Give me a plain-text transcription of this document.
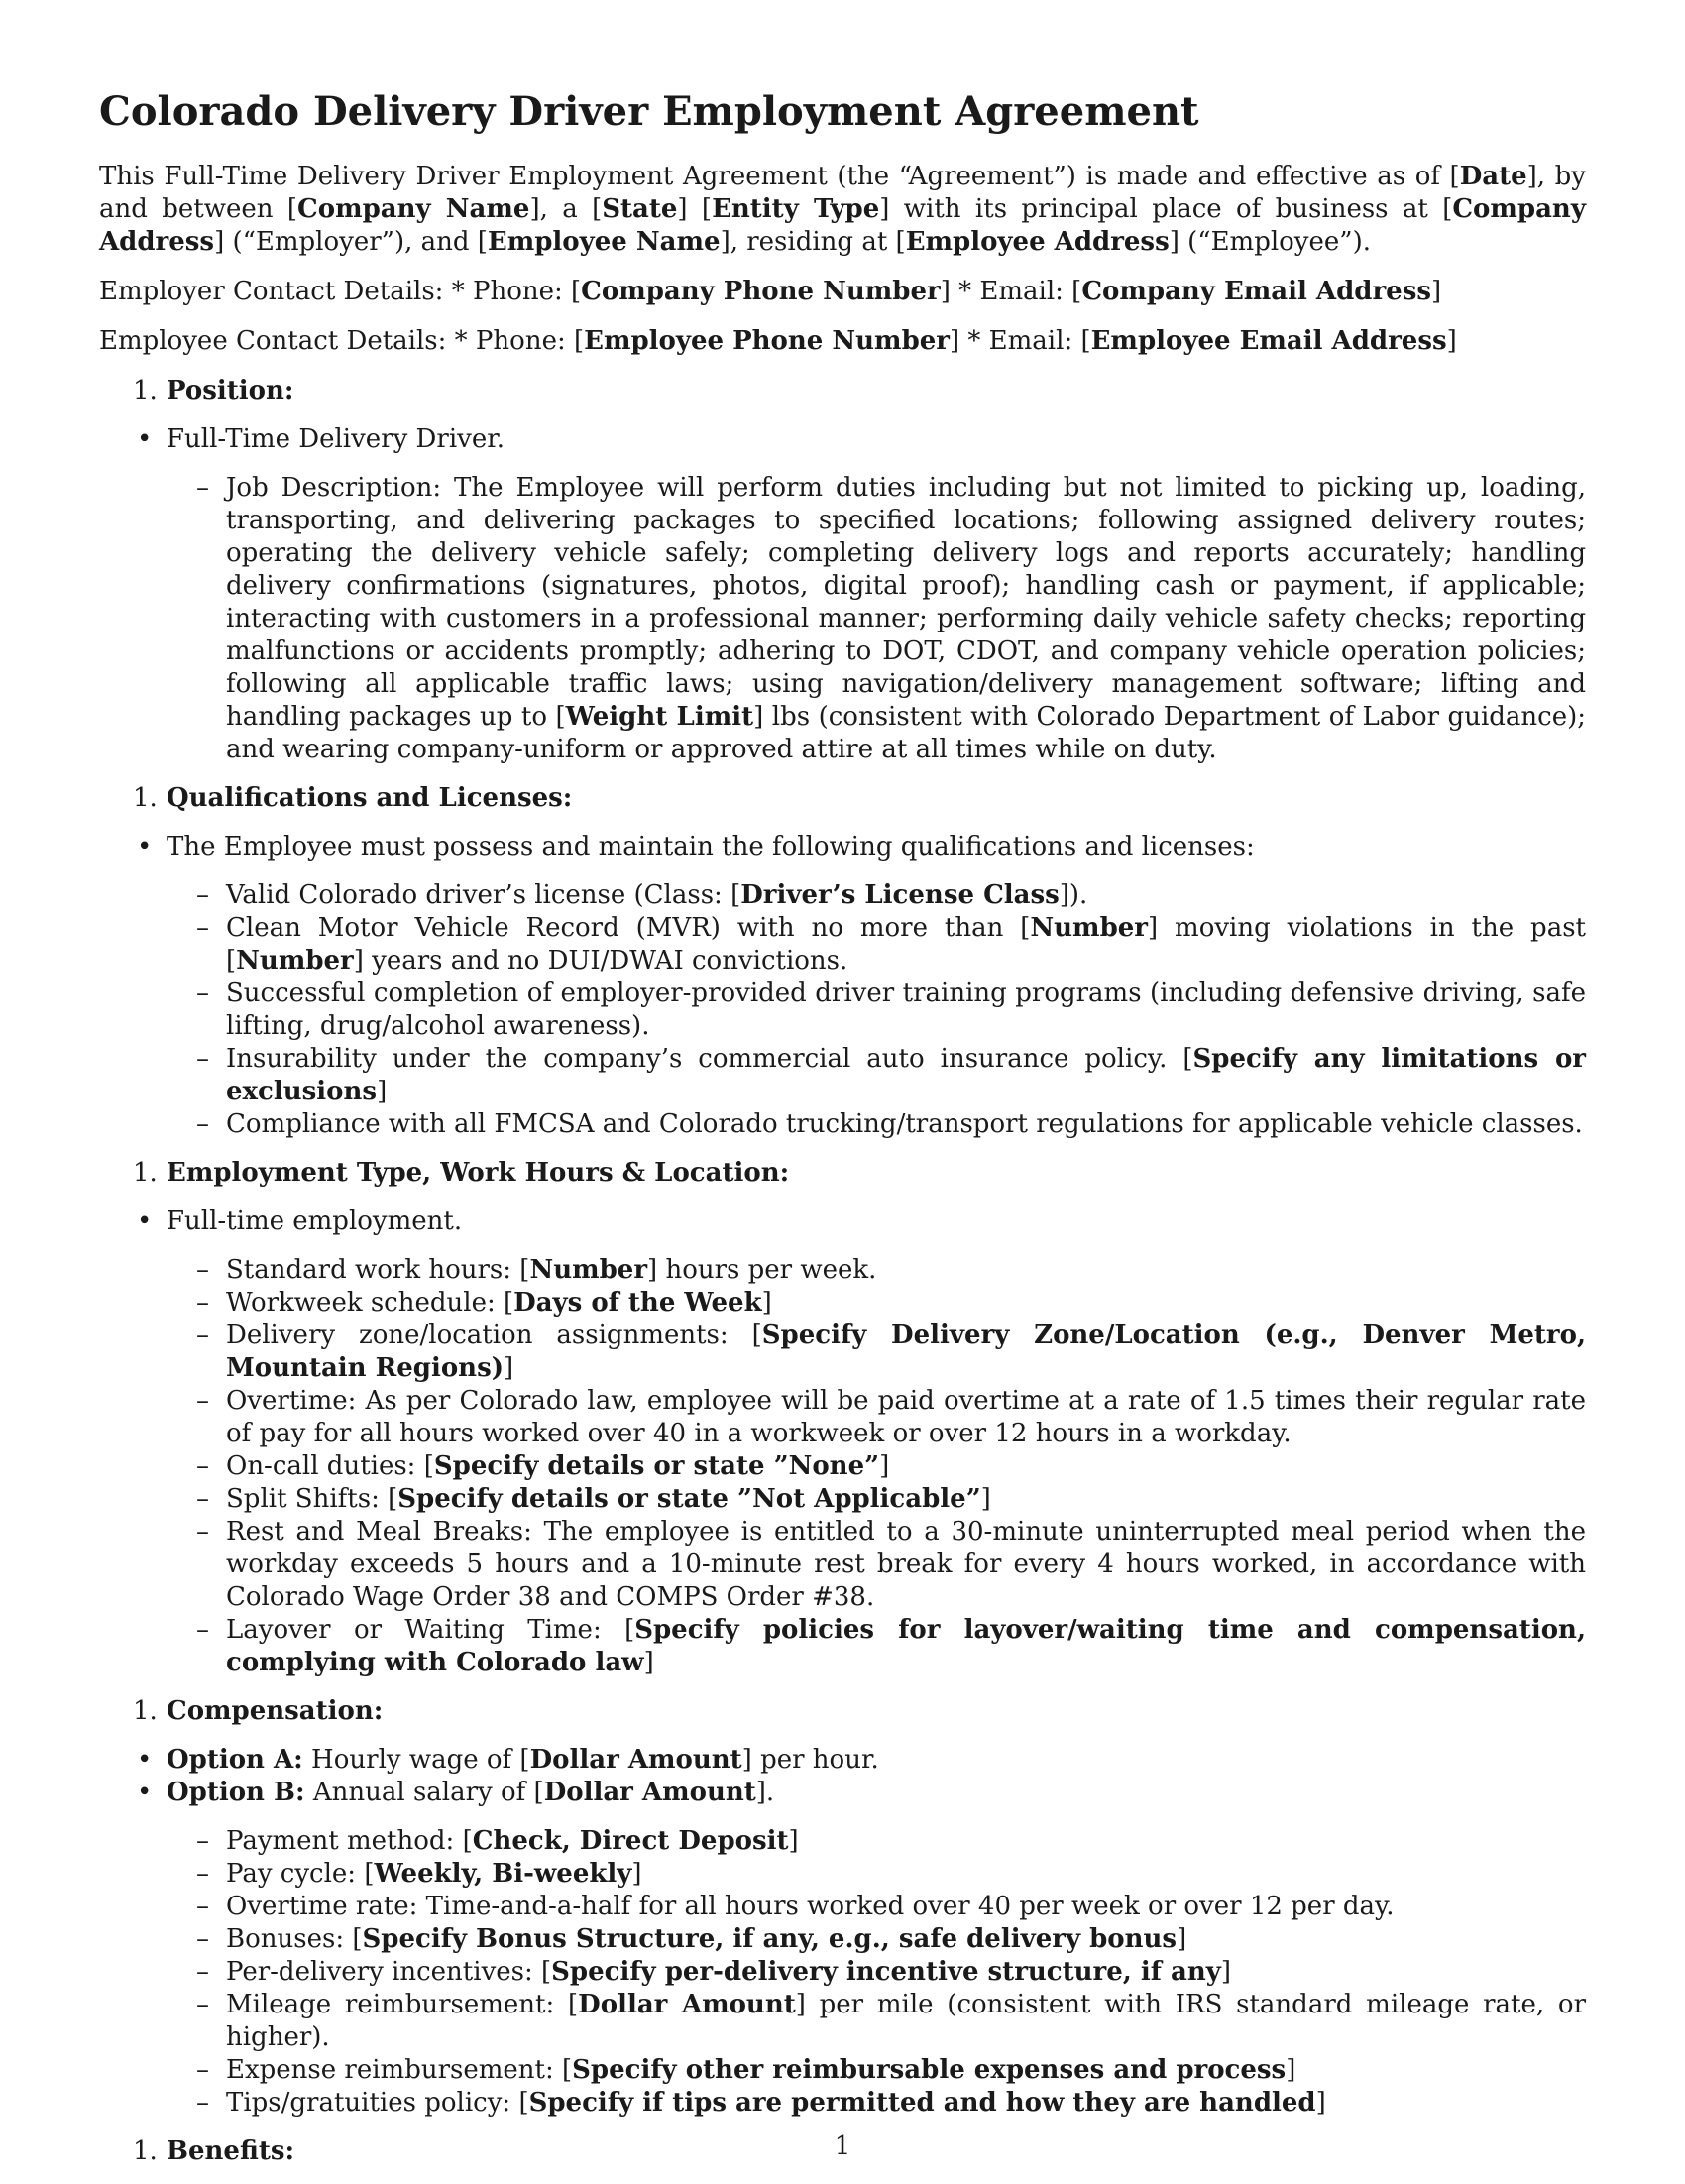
Colorado Delivery Driver Employment Agreement

This Full-Time Delivery Driver Employment Agreement (the “Agreement”) is made and effective as of [Date], by and between [Company Name], a [State] [Entity Type] with its principal place of business at [Company Address] (“Employer”), and [Employee Name], residing at [Employee Address] (“Employee”).

Employer Contact Details: * Phone: [Company Phone Number] * Email: [Company Email Address]

Employee Contact Details: * Phone: [Employee Phone Number] * Email: [Employee Email Address]

1. Position:
• Full-Time Delivery Driver.
– Job Description: The Employee will perform duties including but not limited to picking up, loading, transporting, and delivering packages to specified locations; following assigned delivery routes; operating the delivery vehicle safely; completing delivery logs and reports accurately; handling delivery confirmations (signatures, photos, digital proof); handling cash or payment, if applicable; interacting with customers in a professional manner; performing daily vehicle safety checks; reporting malfunctions or accidents promptly; adhering to DOT, CDOT, and company vehicle operation policies; following all applicable traffic laws; using navigation/delivery management software; lifting and handling packages up to [Weight Limit] lbs (consistent with Colorado Department of Labor guidance); and wearing company-uniform or approved attire at all times while on duty.
1. Qualifications and Licenses:
• The Employee must possess and maintain the following qualifications and licenses:
– Valid Colorado driver’s license (Class: [Driver’s License Class]).
– Clean Motor Vehicle Record (MVR) with no more than [Number] moving violations in the past [Number] years and no DUI/DWAI convictions.
– Successful completion of employer-provided driver training programs (including defensive driving, safe lifting, drug/alcohol awareness).
– Insurability under the company’s commercial auto insurance policy. [Specify any limitations or exclusions]
– Compliance with all FMCSA and Colorado trucking/transport regulations for applicable vehicle classes.
1. Employment Type, Work Hours & Location:
• Full-time employment.
– Standard work hours: [Number] hours per week.
– Workweek schedule: [Days of the Week]
– Delivery zone/location assignments: [Specify Delivery Zone/Location (e.g., Denver Metro, Mountain Regions)]
– Overtime: As per Colorado law, employee will be paid overtime at a rate of 1.5 times their regular rate of pay for all hours worked over 40 in a workweek or over 12 hours in a workday.
– On-call duties: [Specify details or state ”None”]
– Split Shifts: [Specify details or state ”Not Applicable”]
– Rest and Meal Breaks: The employee is entitled to a 30-minute uninterrupted meal period when the workday exceeds 5 hours and a 10-minute rest break for every 4 hours worked, in accordance with Colorado Wage Order 38 and COMPS Order #38.
– Layover or Waiting Time: [Specify policies for layover/waiting time and compensation, complying with Colorado law]
1. Compensation:
• Option A: Hourly wage of [Dollar Amount] per hour.
• Option B: Annual salary of [Dollar Amount].
– Payment method: [Check, Direct Deposit]
– Pay cycle: [Weekly, Bi-weekly]
– Overtime rate: Time-and-a-half for all hours worked over 40 per week or over 12 per day.
– Bonuses: [Specify Bonus Structure, if any, e.g., safe delivery bonus]
– Per-delivery incentives: [Specify per-delivery incentive structure, if any]
– Mileage reimbursement: [Dollar Amount] per mile (consistent with IRS standard mileage rate, or higher).
– Expense reimbursement: [Specify other reimbursable expenses and process]
– Tips/gratuities policy: [Specify if tips are permitted and how they are handled]
1. Benefits:	1
